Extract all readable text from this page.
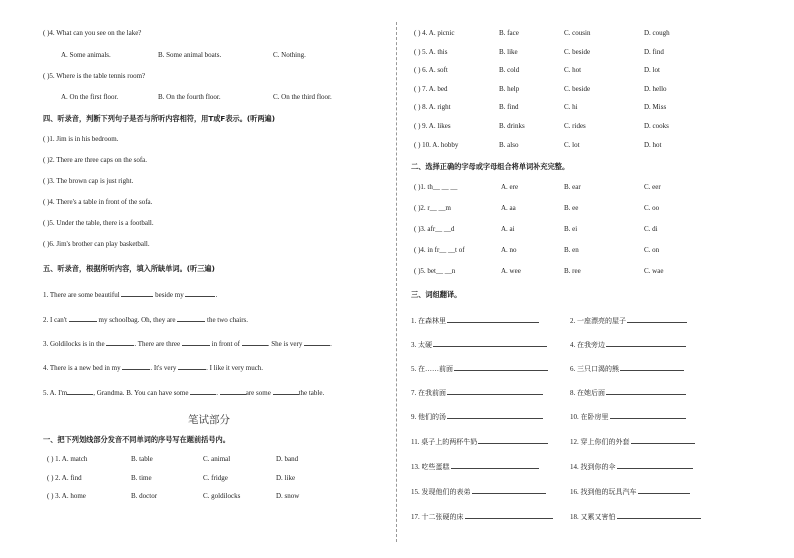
( )4. What can you see on the lake?
A. Some animals.	B. Some animal boats.	C. Nothing.
( )5. Where is the table tennis room?
A. On the first floor.	B. On the fourth floor.	C. On the third floor.
四、听录音，判断下列句子是否与所听内容相符，用T或F表示。(听两遍)
( )1. Jim is in his bedroom.
( )2. There are three caps on the sofa.
( )3. The brown cap is just right.
( )4. There's a table in front of the sofa.
( )5. Under the table, there is a football.
( )6. Jim's brother can play basketball.
五、听录音，根据所听内容，填入所缺单词。(听三遍)
1. There are some beautiful	beside my	.
2. I can't	my schoolbag. Oh, they are	the two chairs.
3. Goldilocks is in the	. There are three	in front of	. She is very	.
4. There is a new bed in my	. It's very	. I like it very much.
5. A. I'm	, Grandma. B. You can have some	.	are some	the table.
笔试部分
一、把下列划线部分发音不同单词的序号写在题前括号内。
( ) 1. A. match	B. table	C. animal	D. band
( ) 2. A. find	B. time	C. fridge	D. like
( ) 3. A. home	B. doctor	C. goldilocks	D. snow
( ) 4. A. picnic	B. face	C. cousin	D. cough
( ) 5. A. this	B. like	C. beside	D. find
( ) 6. A. soft	B. cold	C. hot	D. lot
( ) 7. A. bed	B. help	C. beside	D. hello
( ) 8. A. right	B. find	C. hi	D. Miss
( ) 9. A. likes	B. drinks	C. rides	D. cooks
( ) 10. A. hobby	B. also	C. lot	D. hot
二、选择正确的字母或字母组合将单词补充完整。
( )1. th__ __ __	A. ere	B. ear	C. eer
( )2. r__ __m	A. aa	B. ee	C. oo
( )3. afr__ __d	A. ai	B. ei	C. di
( )4. in fr__ __t of	A. no	B. en	C. on
( )5. bet__ __n	A. wee	B. ree	C. wae
三、词组翻译。
1. 在森林里	2. 一座漂亮的屋子
3. 太硬	4. 在我旁边
5. 在……前面	6. 三只口渴的熊
7. 在我前面	8. 在她后面
9. 他们的汤	10. 在卧房里
11. 桌子上的两杯牛奶	12. 穿上你们的外套
13. 吃些蛋糕	14. 找到你的伞
15. 发现他们的表弟	16. 找到他的玩具汽车
17. 十二张硬的床	18. 又累又害怕
